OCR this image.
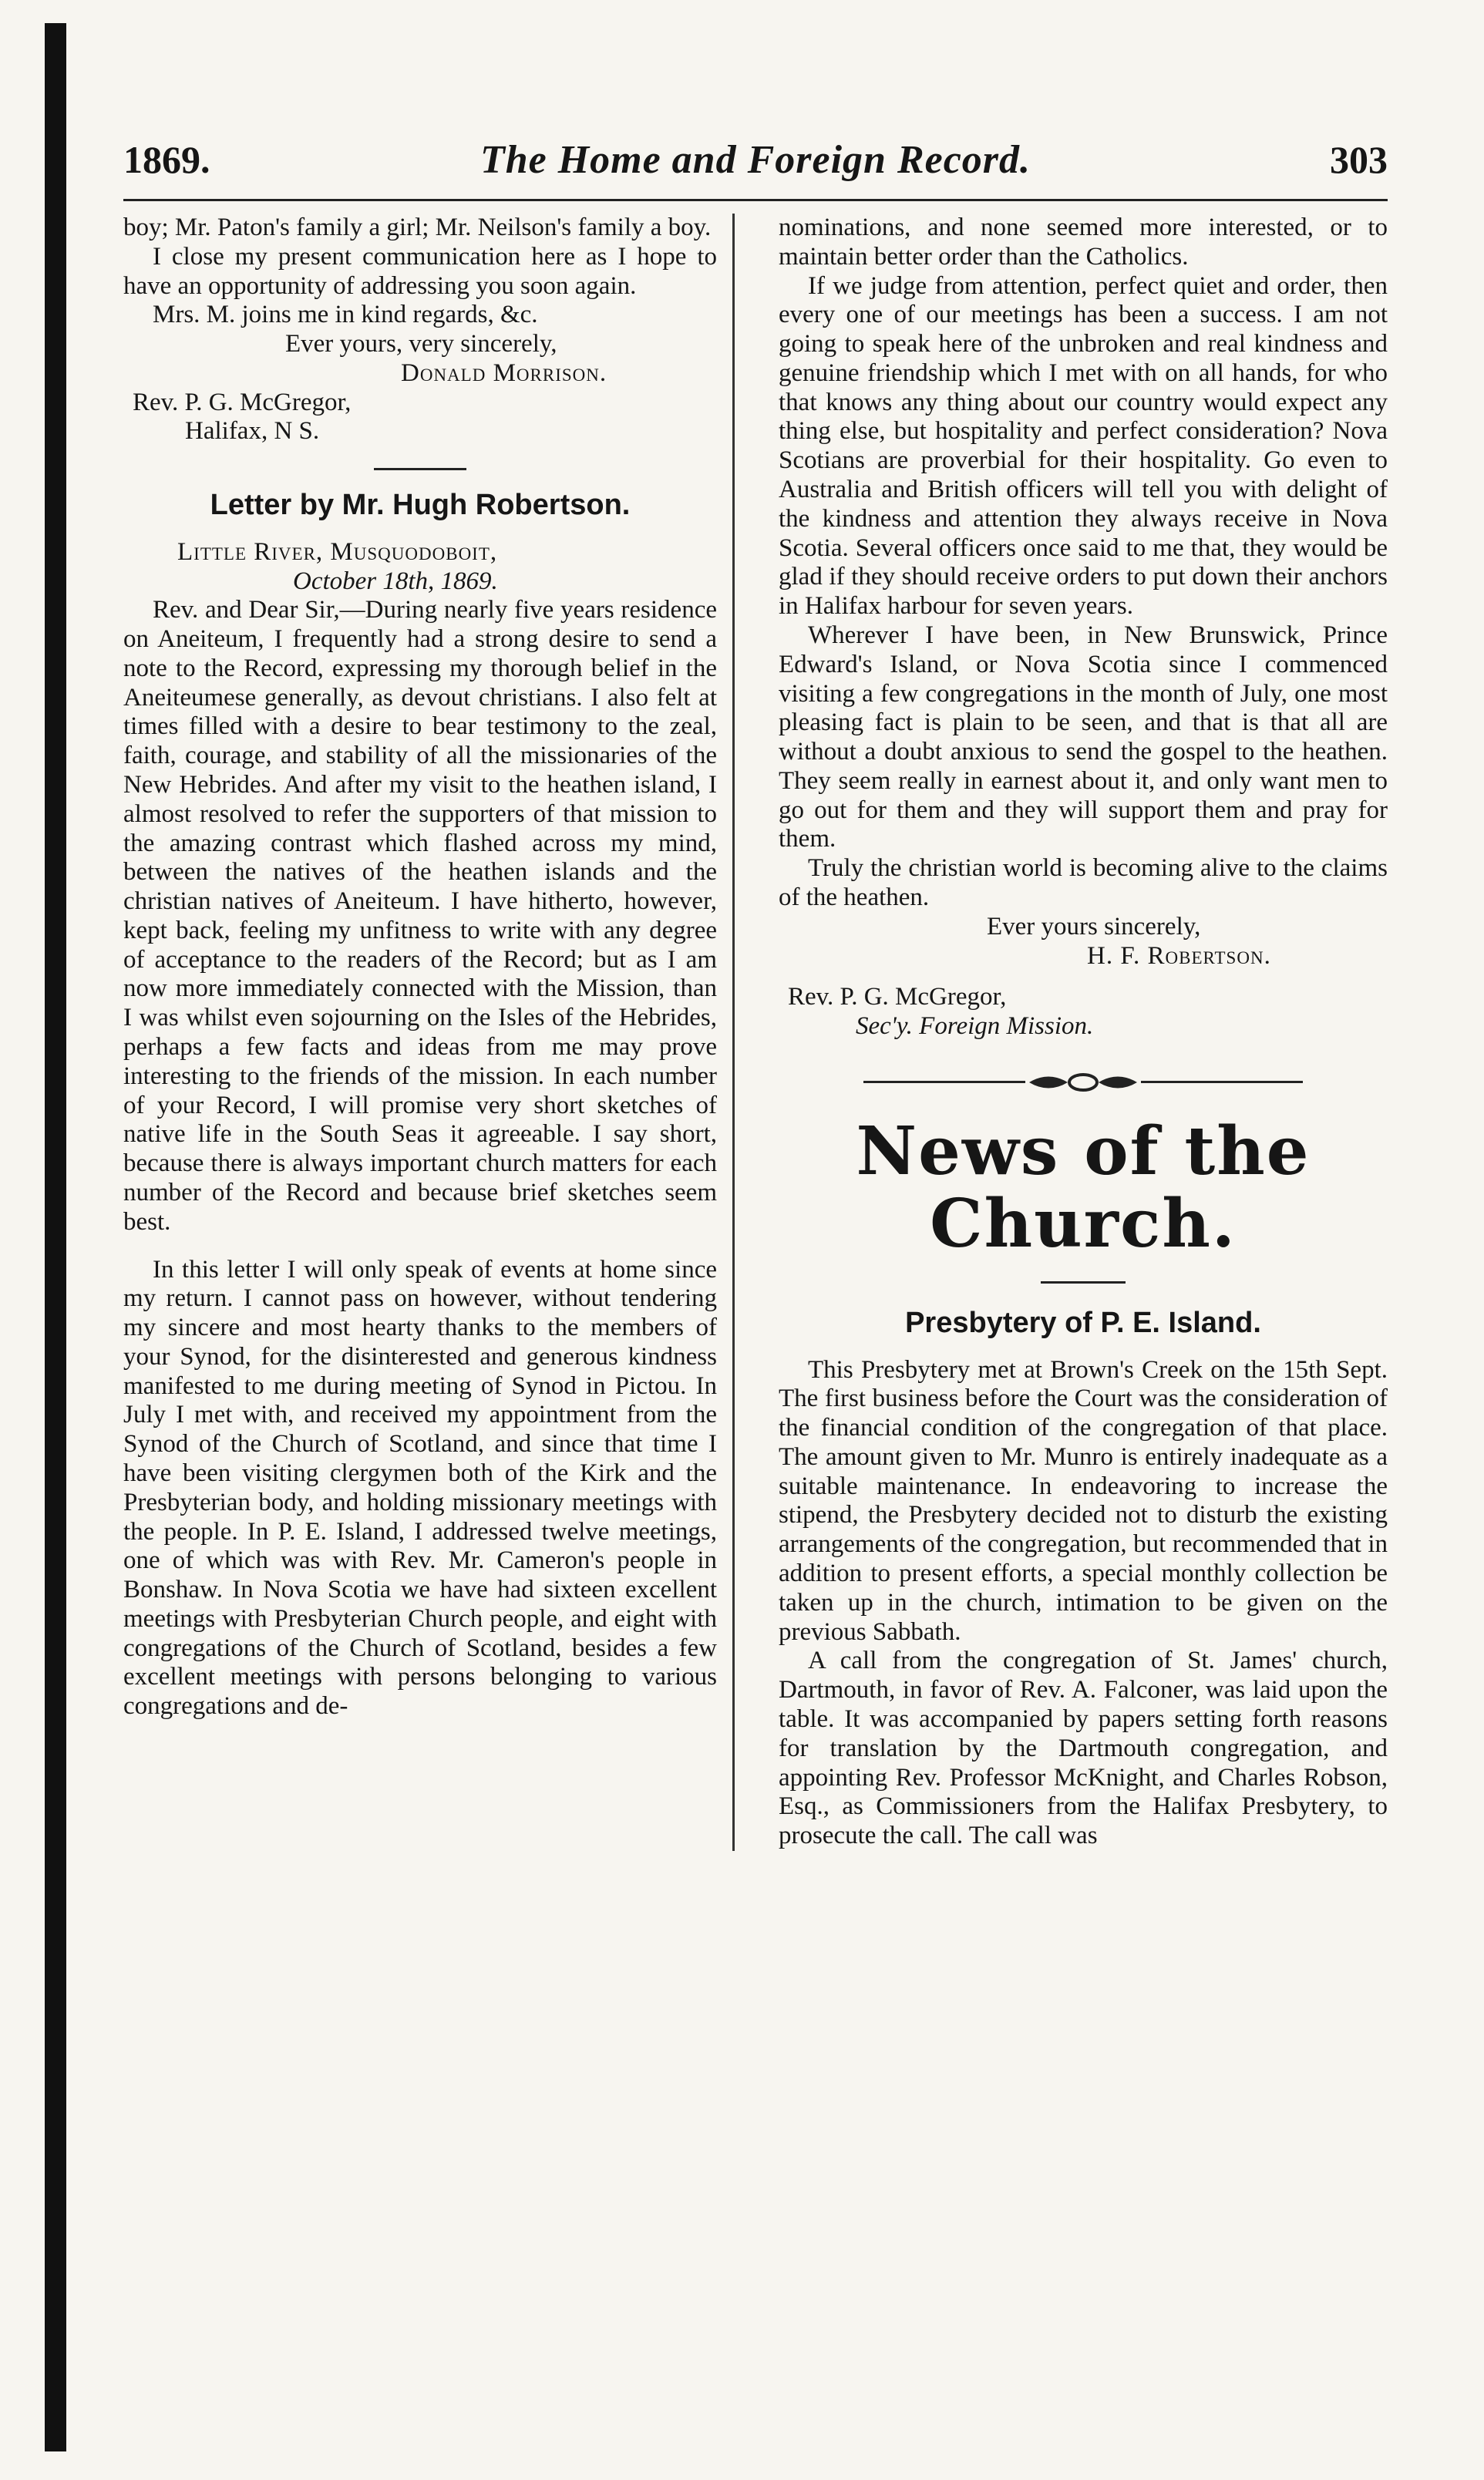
1869.	The Home and Foreign Record.	303

boy; Mr. Paton's family a girl; Mr. Neilson's family a boy.

I close my present communication here as I hope to have an opportunity of addressing you soon again.

Mrs. M. joins me in kind regards, &c.

Ever yours, very sincerely,
Donald Morrison.
Rev. P. G. McGregor,
Halifax, N S.
Letter by Mr. Hugh Robertson.
Little River, Musquodoboit,
October 18th, 1869.

Rev. and Dear Sir,—During nearly five years residence on Aneiteum, I frequently had a strong desire to send a note to the Record, expressing my thorough belief in the Aneiteumese generally, as devout christians. I also felt at times filled with a desire to bear testimony to the zeal, faith, courage, and stability of all the missionaries of the New Hebrides. And after my visit to the heathen island, I almost resolved to refer the supporters of that mission to the amazing contrast which flashed across my mind, between the natives of the heathen islands and the christian natives of Aneiteum. I have hitherto, however, kept back, feeling my unfitness to write with any degree of acceptance to the readers of the Record; but as I am now more immediately connected with the Mission, than I was whilst even sojourning on the Isles of the Hebrides, perhaps a few facts and ideas from me may prove interesting to the friends of the mission. In each number of your Record, I will promise very short sketches of native life in the South Seas it agreeable. I say short, because there is always important church matters for each number of the Record and because brief sketches seem best.

In this letter I will only speak of events at home since my return. I cannot pass on however, without tendering my sincere and most hearty thanks to the members of your Synod, for the disinterested and generous kindness manifested to me during meeting of Synod in Pictou. In July I met with, and received my appointment from the Synod of the Church of Scotland, and since that time I have been visiting clergymen both of the Kirk and the Presbyterian body, and holding missionary meetings with the people. In P. E. Island, I addressed twelve meetings, one of which was with Rev. Mr. Cameron's people in Bonshaw. In Nova Scotia we have had sixteen excellent meetings with Presbyterian Church people, and eight with congregations of the Church of Scotland, besides a few excellent meetings with persons belonging to various congregations and de-

nominations, and none seemed more interested, or to maintain better order than the Catholics.

If we judge from attention, perfect quiet and order, then every one of our meetings has been a success. I am not going to speak here of the unbroken and real kindness and genuine friendship which I met with on all hands, for who that knows any thing about our country would expect any thing else, but hospitality and perfect consideration? Nova Scotians are proverbial for their hospitality. Go even to Australia and British officers will tell you with delight of the kindness and attention they always receive in Nova Scotia. Several officers once said to me that, they would be glad if they should receive orders to put down their anchors in Halifax harbour for seven years.

Wherever I have been, in New Brunswick, Prince Edward's Island, or Nova Scotia since I commenced visiting a few congregations in the month of July, one most pleasing fact is plain to be seen, and that is that all are without a doubt anxious to send the gospel to the heathen. They seem really in earnest about it, and only want men to go out for them and they will support them and pray for them.

Truly the christian world is becoming alive to the claims of the heathen.

Ever yours sincerely,
H. F. Robertson.
Rev. P. G. McGregor,
Sec'y. Foreign Mission.
News of the Church.
Presbytery of P. E. Island.

This Presbytery met at Brown's Creek on the 15th Sept. The first business before the Court was the consideration of the financial condition of the congregation of that place. The amount given to Mr. Munro is entirely inadequate as a suitable maintenance. In endeavoring to increase the stipend, the Presbytery decided not to disturb the existing arrangements of the congregation, but recommended that in addition to present efforts, a special monthly collection be taken up in the church, intimation to be given on the previous Sabbath.

A call from the congregation of St. James' church, Dartmouth, in favor of Rev. A. Falconer, was laid upon the table. It was accompanied by papers setting forth reasons for translation by the Dartmouth congregation, and appointing Rev. Professor McKnight, and Charles Robson, Esq., as Commissioners from the Halifax Presbytery, to prosecute the call. The call was
